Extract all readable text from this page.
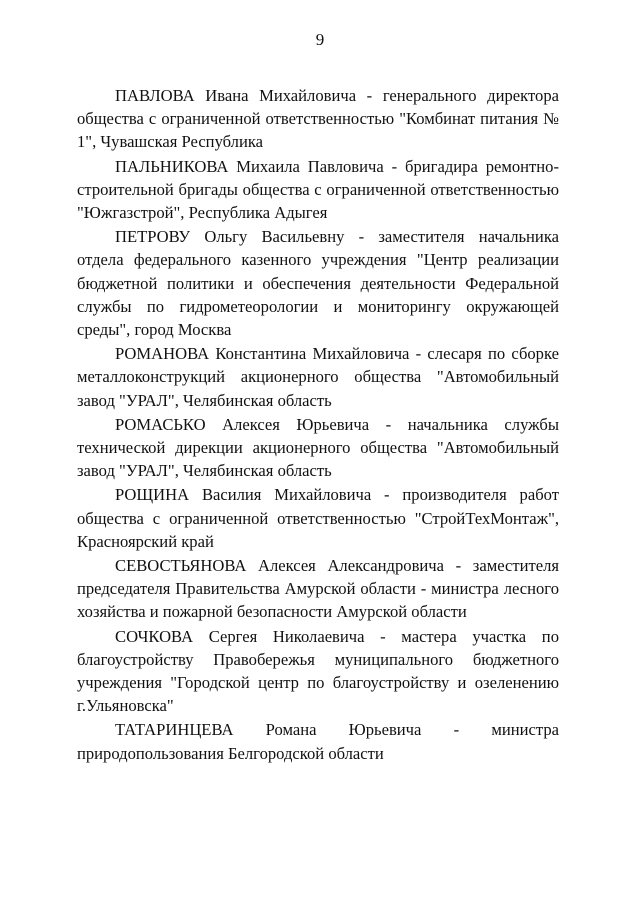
9

ПАВЛОВА Ивана Михайловича - генерального директора общества с ограниченной ответственностью "Комбинат питания № 1", Чувашская Республика

ПАЛЬНИКОВА Михаила Павловича - бригадира ремонтно-строительной бригады общества с ограниченной ответственностью "Южгазстрой", Республика Адыгея

ПЕТРОВУ Ольгу Васильевну - заместителя начальника отдела федерального казенного учреждения "Центр реализации бюджетной политики и обеспечения деятельности Федеральной службы по гидрометеорологии и мониторингу окружающей среды", город Москва

РОМАНОВА Константина Михайловича - слесаря по сборке металлоконструкций акционерного общества "Автомобильный завод "УРАЛ", Челябинская область

РОМАСЬКО Алексея Юрьевича - начальника службы технической дирекции акционерного общества "Автомобильный завод "УРАЛ", Челябинская область

РОЩИНА Василия Михайловича - производителя работ общества с ограниченной ответственностью "СтройТехМонтаж", Красноярский край

СЕВОСТЬЯНОВА Алексея Александровича - заместителя председателя Правительства Амурской области - министра лесного хозяйства и пожарной безопасности Амурской области

СОЧКОВА Сергея Николаевича - мастера участка по благоустройству Правобережья муниципального бюджетного учреждения "Городской центр по благоустройству и озеленению г.Ульяновска"

ТАТАРИНЦЕВА Романа Юрьевича - министра природопользования Белгородской области
